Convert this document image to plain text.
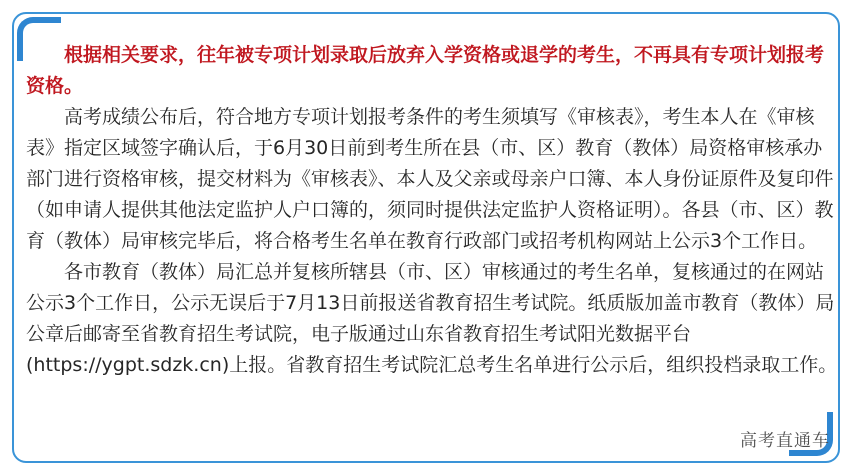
根据相关要求，往年被专项计划录取后放弃入学资格或退学的考生，不再具有专项计划报考资格。

高考成绩公布后，符合地方专项计划报考条件的考生须填写《审核表》，考生本人在《审核表》指定区域签字确认后，于6月30日前到考生所在县（市、区）教育（教体）局资格审核承办部门进行资格审核，提交材料为《审核表》、本人及父亲或母亲户口簿、本人身份证原件及复印件（如申请人提供其他法定监护人户口簿的，须同时提供法定监护人资格证明）。各县（市、区）教育（教体）局审核完毕后，将合格考生名单在教育行政部门或招考机构网站上公示3个工作日。

各市教育（教体）局汇总并复核所辖县（市、区）审核通过的考生名单，复核通过的在网站公示3个工作日，公示无误后于7月13日前报送省教育招生考试院。纸质版加盖市教育（教体）局公章后邮寄至省教育招生考试院，电子版通过山东省教育招生考试阳光数据平台(https://ygpt.sdzk.cn)上报。省教育招生考试院汇总考生名单进行公示后，组织投档录取工作。

高考直通车
